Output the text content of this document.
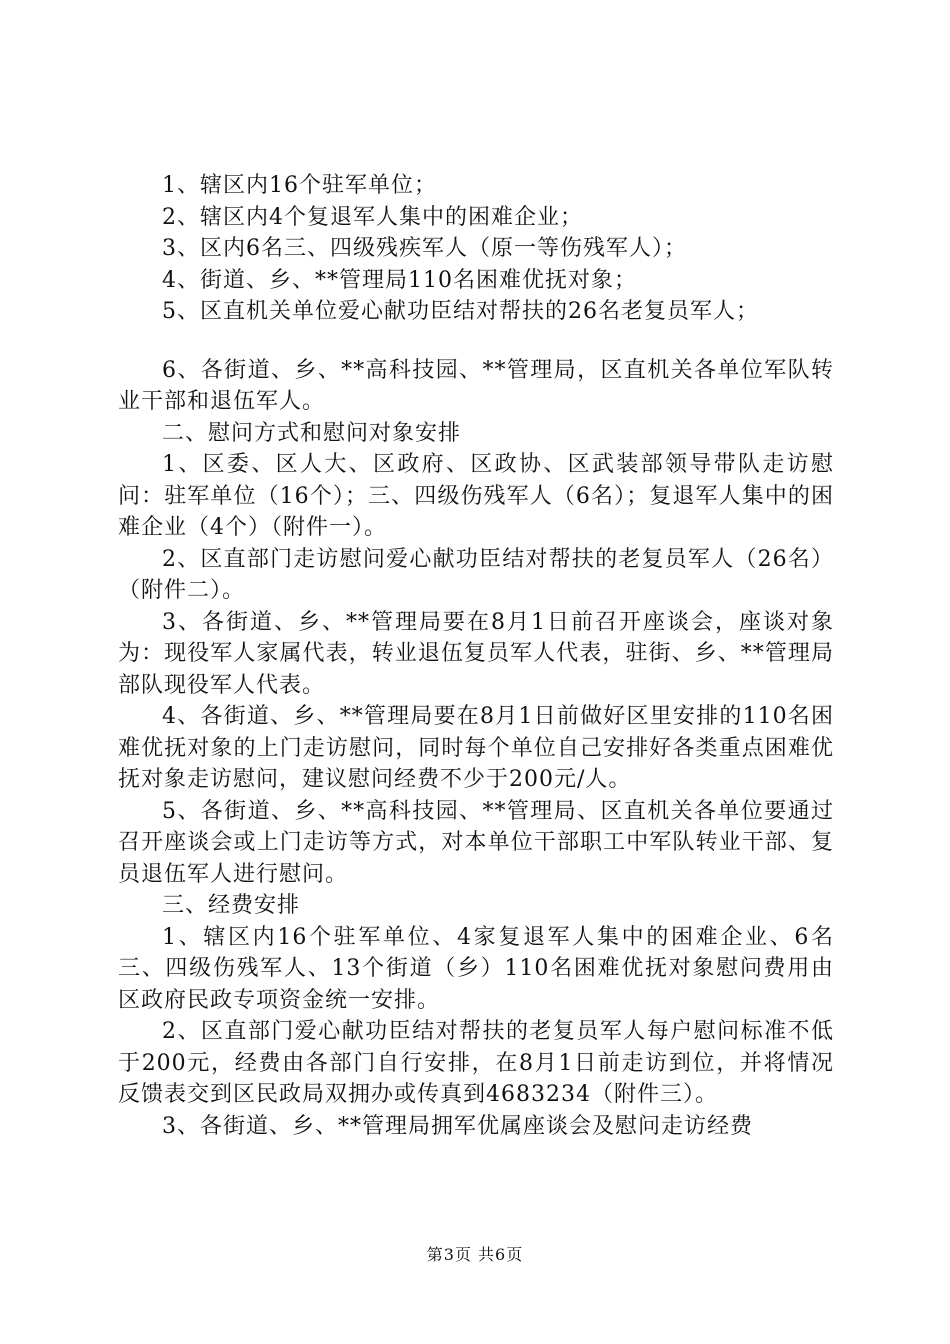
1、辖区内16个驻军单位；

2、辖区内4个复退军人集中的困难企业；

3、区内6名三、四级残疾军人（原一等伤残军人）；

4、街道、乡、**管理局110名困难优抚对象；

5、区直机关单位爱心献功臣结对帮扶的26名老复员军人；

6、各街道、乡、**高科技园、**管理局，区直机关各单位军队转业干部和退伍军人。

二、慰问方式和慰问对象安排

1、区委、区人大、区政府、区政协、区武装部领导带队走访慰问：驻军单位（16个）；三、四级伤残军人（6名）；复退军人集中的困难企业（4个）（附件一）。

2、区直部门走访慰问爱心献功臣结对帮扶的老复员军人（26名）（附件二）。

3、各街道、乡、**管理局要在8月1日前召开座谈会，座谈对象为：现役军人家属代表，转业退伍复员军人代表，驻街、乡、**管理局部队现役军人代表。

4、各街道、乡、**管理局要在8月1日前做好区里安排的110名困难优抚对象的上门走访慰问，同时每个单位自己安排好各类重点困难优抚对象走访慰问，建议慰问经费不少于200元/人。

5、各街道、乡、**高科技园、**管理局、区直机关各单位要通过召开座谈会或上门走访等方式，对本单位干部职工中军队转业干部、复员退伍军人进行慰问。

三、经费安排

1、辖区内16个驻军单位、4家复退军人集中的困难企业、6名三、四级伤残军人、13个街道（乡）110名困难优抚对象慰问费用由区政府民政专项资金统一安排。

2、区直部门爱心献功臣结对帮扶的老复员军人每户慰问标准不低于200元，经费由各部门自行安排，在8月1日前走访到位，并将情况反馈表交到区民政局双拥办或传真到4683234（附件三）。

3、各街道、乡、**管理局拥军优属座谈会及慰问走访经费

第3页 共6页
